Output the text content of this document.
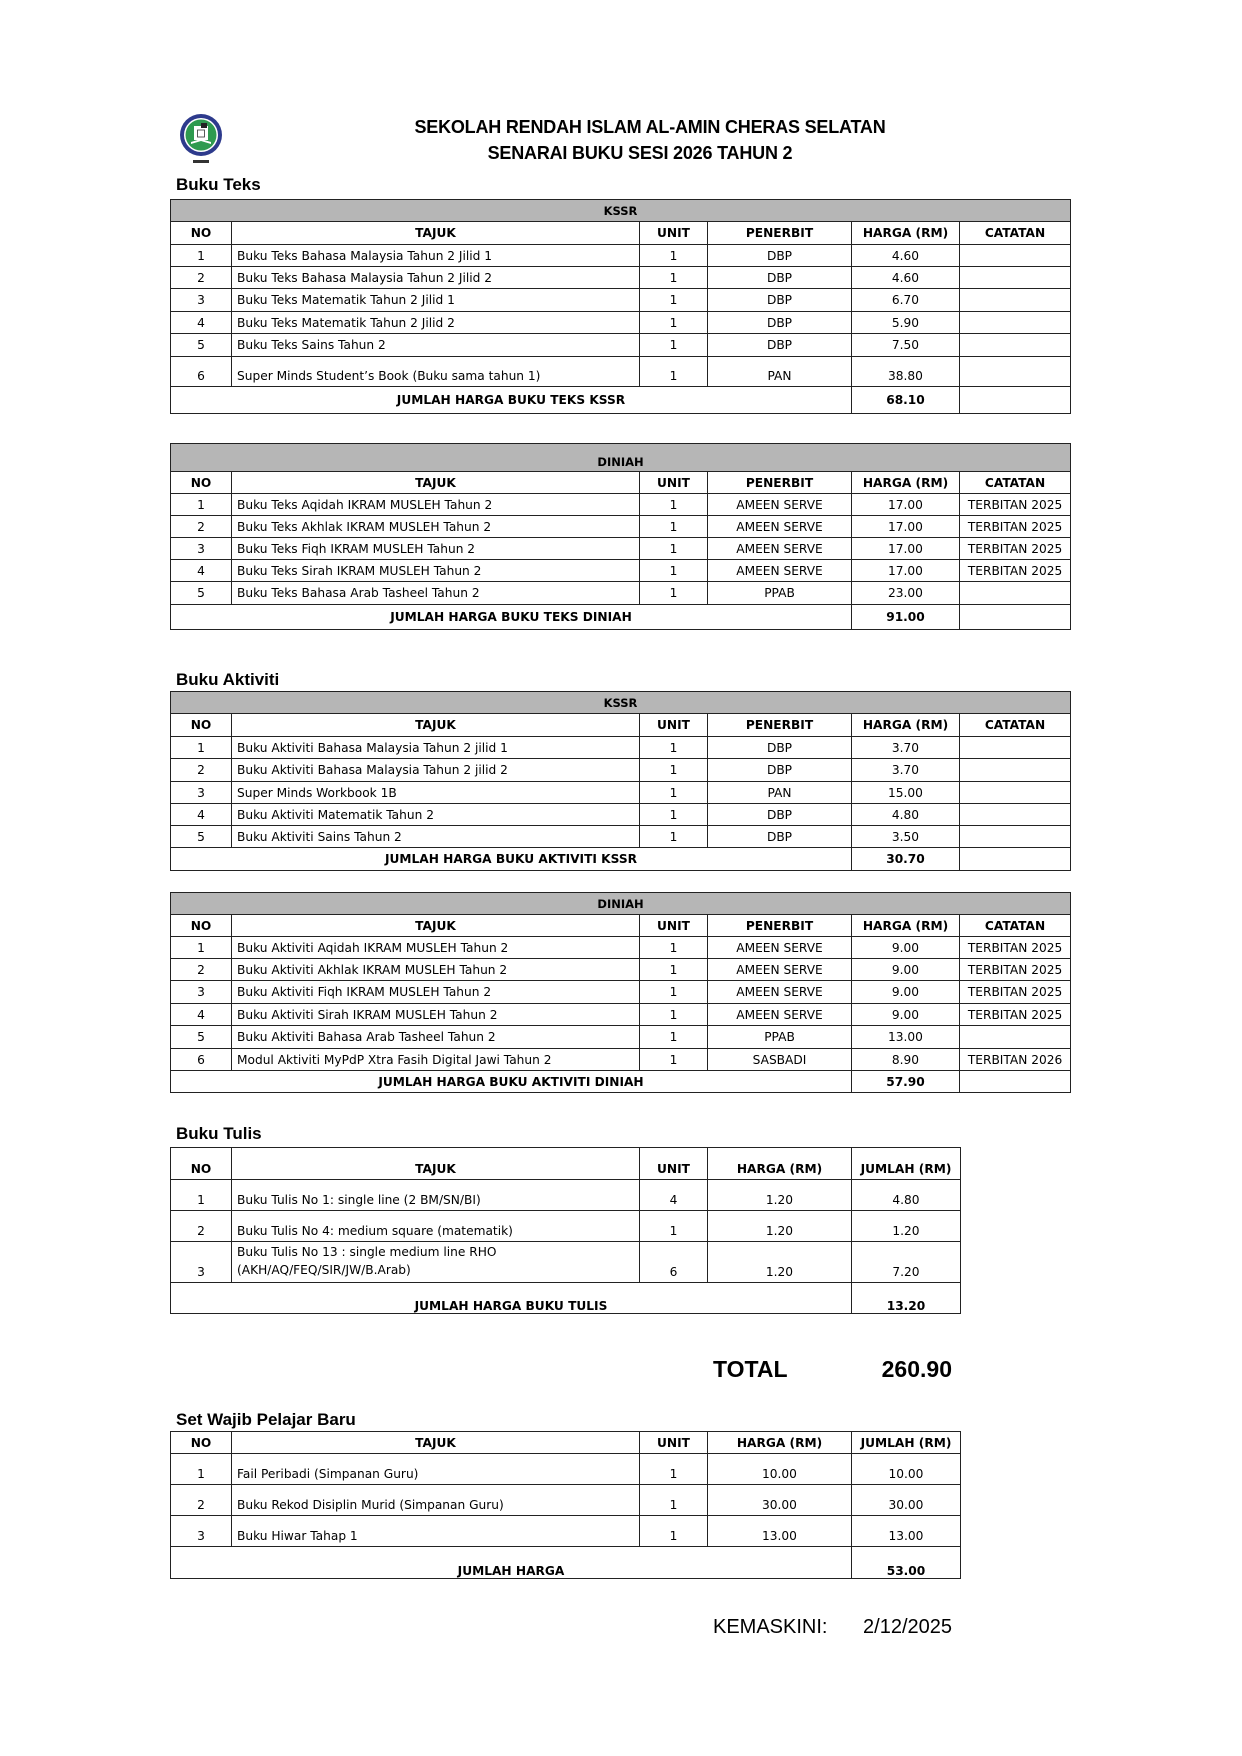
SEKOLAH RENDAH ISLAM AL-AMIN CHERAS SELATAN
SENARAI BUKU SESI 2026 TAHUN 2
Buku Teks
KSSR					
NO	TAJUK	UNIT	PENERBIT	HARGA (RM)	CATATAN
1	Buku Teks Bahasa Malaysia Tahun 2 Jilid 1	1	DBP	4.60	
2	Buku Teks Bahasa Malaysia Tahun 2 Jilid 2	1	DBP	4.60	
3	Buku Teks Matematik Tahun 2 Jilid 1	1	DBP	6.70	
4	Buku Teks Matematik Tahun 2 Jilid 2	1	DBP	5.90	
5	Buku Teks Sains Tahun 2	1	DBP	7.50	
6	Super Minds Student’s Book (Buku sama tahun 1)	1	PAN	38.80	
JUMLAH HARGA BUKU TEKS KSSR				68.10	
DINIAH					
NO	TAJUK	UNIT	PENERBIT	HARGA (RM)	CATATAN
1	Buku Teks Aqidah IKRAM MUSLEH Tahun 2	1	AMEEN SERVE	17.00	TERBITAN 2025
2	Buku Teks Akhlak IKRAM MUSLEH Tahun 2	1	AMEEN SERVE	17.00	TERBITAN 2025
3	Buku Teks Fiqh IKRAM MUSLEH Tahun 2	1	AMEEN SERVE	17.00	TERBITAN 2025
4	Buku Teks Sirah IKRAM MUSLEH Tahun 2	1	AMEEN SERVE	17.00	TERBITAN 2025
5	Buku Teks Bahasa Arab Tasheel Tahun 2	1	PPAB	23.00	
JUMLAH HARGA BUKU TEKS DINIAH				91.00	
Buku Aktiviti
KSSR					
NO	TAJUK	UNIT	PENERBIT	HARGA (RM)	CATATAN
1	Buku Aktiviti Bahasa Malaysia Tahun 2 jilid 1	1	DBP	3.70	
2	Buku Aktiviti Bahasa Malaysia Tahun 2 jilid 2	1	DBP	3.70	
3	Super Minds Workbook 1B	1	PAN	15.00	
4	Buku Aktiviti Matematik Tahun 2	1	DBP	4.80	
5	Buku Aktiviti Sains Tahun 2	1	DBP	3.50	
JUMLAH HARGA BUKU AKTIVITI KSSR				30.70	
DINIAH					
NO	TAJUK	UNIT	PENERBIT	HARGA (RM)	CATATAN
1	Buku Aktiviti Aqidah IKRAM MUSLEH Tahun 2	1	AMEEN SERVE	9.00	TERBITAN 2025
2	Buku Aktiviti Akhlak IKRAM MUSLEH Tahun 2	1	AMEEN SERVE	9.00	TERBITAN 2025
3	Buku Aktiviti Fiqh IKRAM MUSLEH Tahun 2	1	AMEEN SERVE	9.00	TERBITAN 2025
4	Buku Aktiviti Sirah IKRAM MUSLEH Tahun 2	1	AMEEN SERVE	9.00	TERBITAN 2025
5	Buku Aktiviti Bahasa Arab Tasheel Tahun 2	1	PPAB	13.00	
6	Modul Aktiviti MyPdP Xtra Fasih Digital Jawi Tahun 2	1	SASBADI	8.90	TERBITAN 2026
JUMLAH HARGA BUKU AKTIVITI DINIAH				57.90	
Buku Tulis
NO	TAJUK	UNIT	HARGA (RM)	JUMLAH (RM)
1	Buku Tulis No 1: single line (2 BM/SN/BI)	4	1.20	4.80
2	Buku Tulis No 4: medium square (matematik)	1	1.20	1.20
3	Buku Tulis No 13 : single medium line RHO
(AKH/AQ/FEQ/SIR/JW/B.Arab)	6	1.20	7.20
JUMLAH HARGA BUKU TULIS				13.20
TOTAL	260.90
Set Wajib Pelajar Baru
NO	TAJUK	UNIT	HARGA (RM)	JUMLAH (RM)
1	Fail Peribadi (Simpanan Guru)	1	10.00	10.00
2	Buku Rekod Disiplin Murid (Simpanan Guru)	1	30.00	30.00
3	Buku Hiwar Tahap 1	1	13.00	13.00
JUMLAH HARGA				53.00
KEMASKINI:	2/12/2025
